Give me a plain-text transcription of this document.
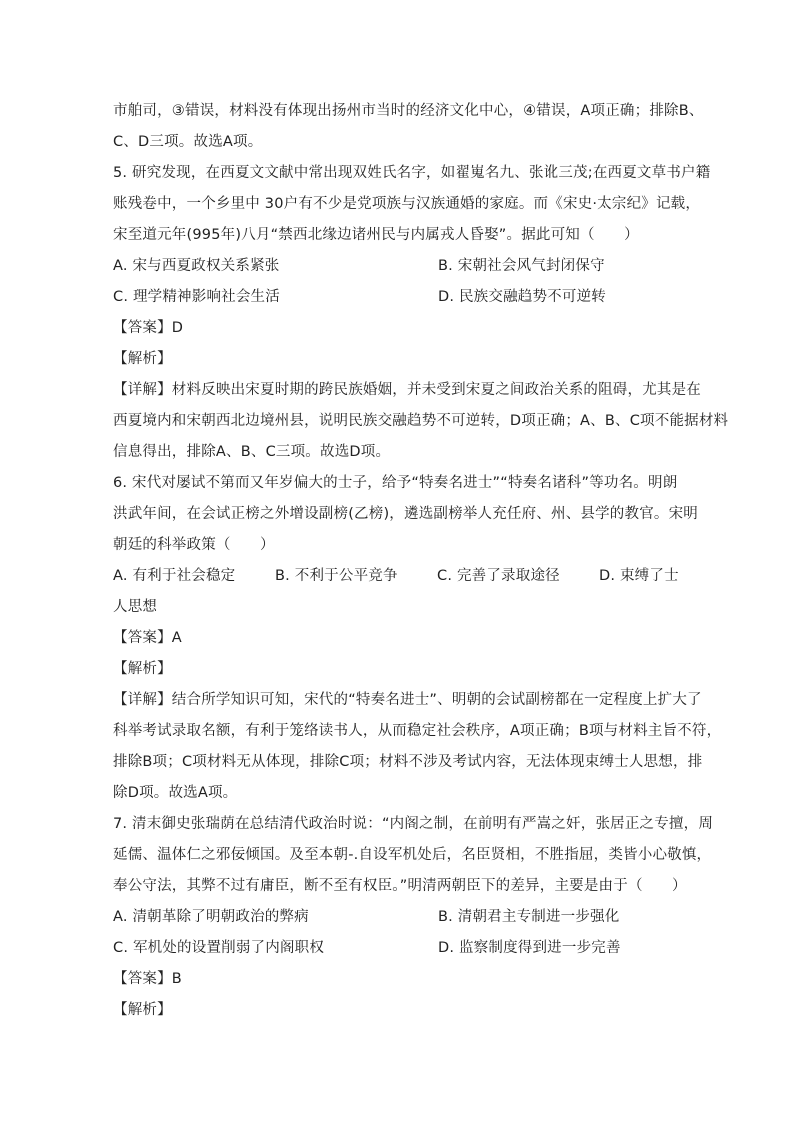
市舶司，③错误，材料没有体现出扬州市当时的经济文化中心，④错误，A项正确；排除B、
C、D三项。故选A项。
5. 研究发现，在西夏文文献中常出现双姓氏名字，如翟嵬名九、张讹三茂;在西夏文草书户籍
账残卷中，一个乡里中 30户有不少是党项族与汉族通婚的家庭。而《宋史·太宗纪》记载，
宋至道元年(995年)八月“禁西北缘边诸州民与内属戎人昏娶”。据此可知（　　）
A. 宋与西夏政权关系紧张	B. 宋朝社会风气封闭保守
C. 理学精神影响社会生活	D. 民族交融趋势不可逆转
【答案】D
【解析】
【详解】材料反映出宋夏时期的跨民族婚姻，并未受到宋夏之间政治关系的阻碍，尤其是在
西夏境内和宋朝西北边境州县，说明民族交融趋势不可逆转，D项正确；A、B、C项不能据材料
信息得出，排除A、B、C三项。故选D项。
6. 宋代对屡试不第而又年岁偏大的士子，给予“特奏名进士”“特奏名诸科”等功名。明朗
洪武年间，在会试正榜之外增设副榜(乙榜)，遴选副榜举人充任府、州、县学的教官。宋明
朝廷的科举政策（　　）
A. 有利于社会稳定	B. 不利于公平竞争	C. 完善了录取途径	D. 束缚了士
人思想
【答案】A
【解析】
【详解】结合所学知识可知，宋代的“特奏名进士”、明朝的会试副榜都在一定程度上扩大了
科举考试录取名额，有利于笼络读书人，从而稳定社会秩序，A项正确；B项与材料主旨不符，
排除B项；C项材料无从体现，排除C项；材料不涉及考试内容，无法体现束缚士人思想，排
除D项。故选A项。
7. 清末御史张瑞荫在总结清代政治时说：“内阁之制，在前明有严嵩之奸，张居正之专擅，周
延儒、温体仁之邪佞倾国。及至本朝-.自设军机处后，名臣贤相，不胜指屈，类皆小心敬慎，
奉公守法，其弊不过有庸臣，断不至有权臣。”明清两朝臣下的差异，主要是由于（　　）
A. 清朝革除了明朝政治的弊病	B. 清朝君主专制进一步强化
C. 军机处的设置削弱了内阁职权	D. 监察制度得到进一步完善
【答案】B
【解析】
